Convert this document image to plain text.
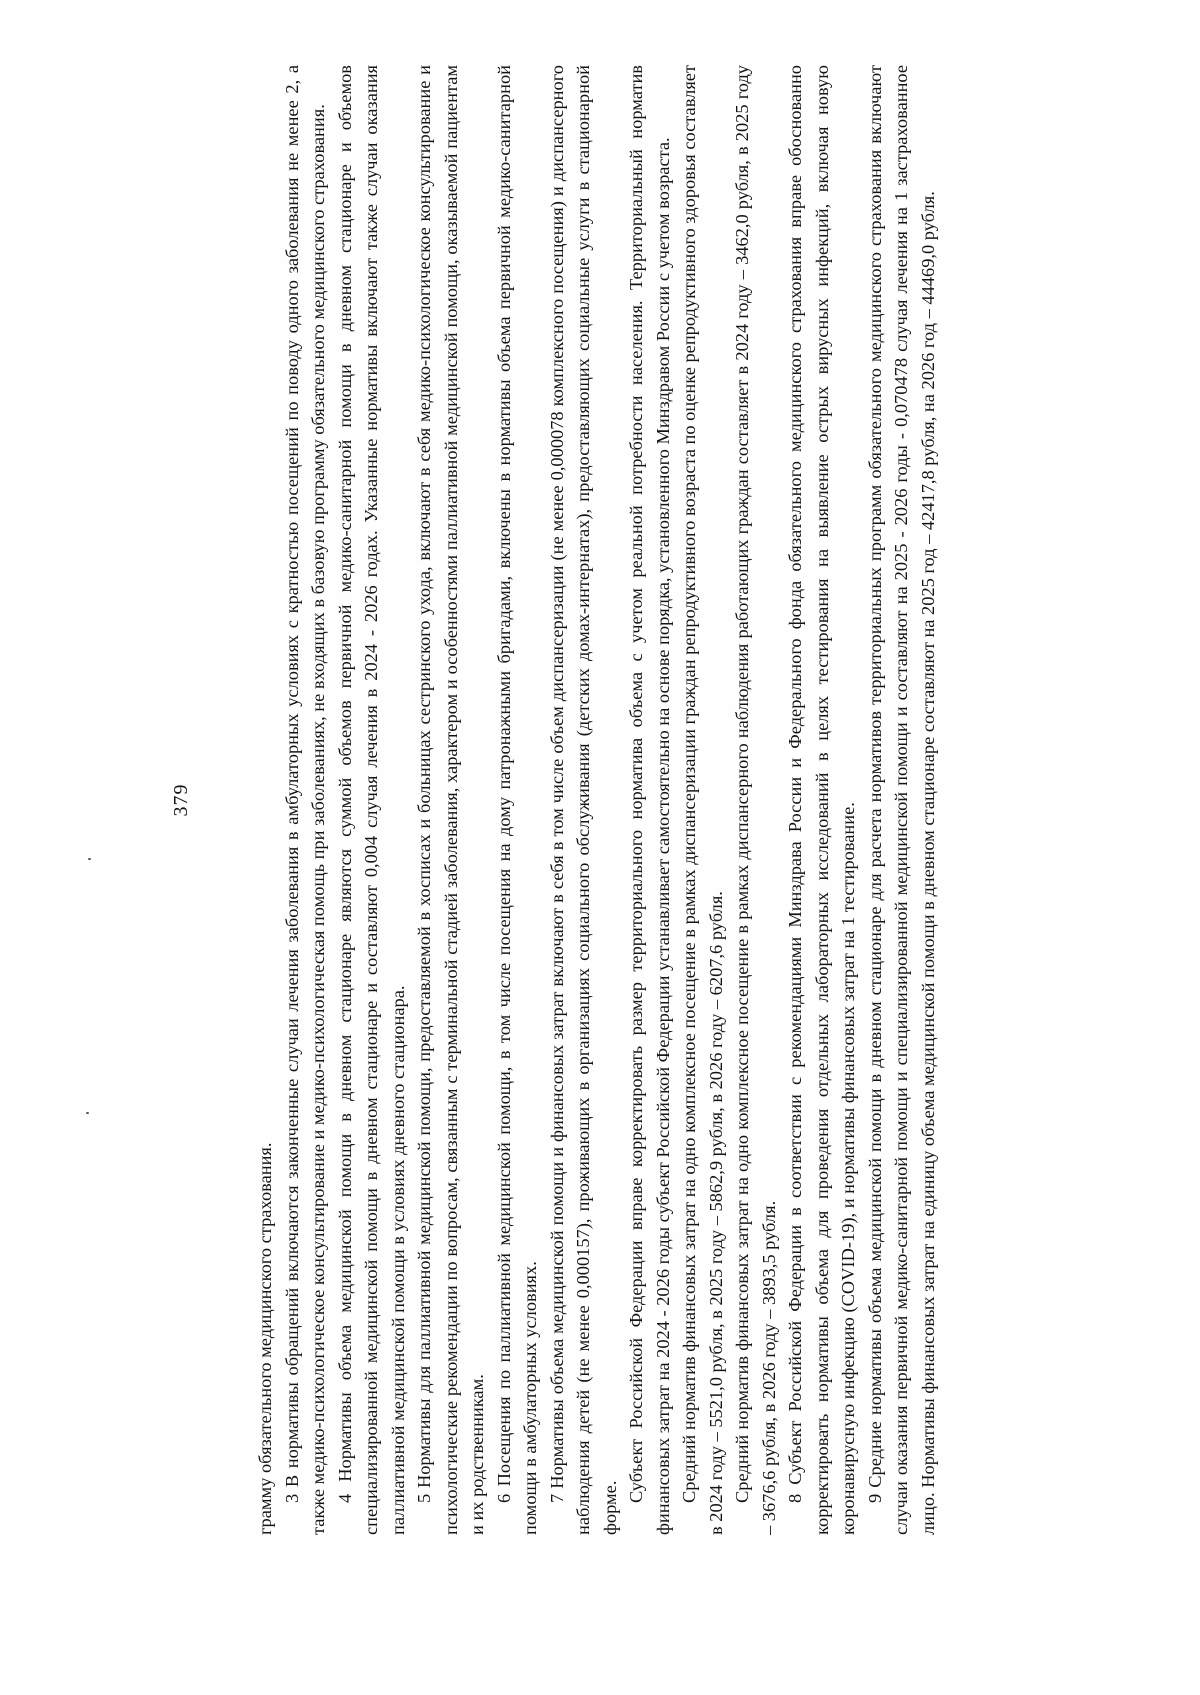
379

грамму обязательного медицинского страхования. 3 В нормативы обращений включаются законченные случаи лечения заболевания в амбулаторных условиях с кратностью посещений по поводу одного заболевания не менее 2, а также медико-психологическое консультирование и медико-психологическая помощь при заболеваниях, не входящих в базовую программу обязательного медицинского страхования. 4 Нормативы объема медицинской помощи в дневном стационаре являются суммой объемов первичной медико-санитарной помощи в дневном стационаре и объемов специализированной медицинской помощи в дневном стационаре и составляют 0,004 случая лечения в 2024 - 2026 годах. Указанные нормативы включают также случаи оказания паллиативной медицинской помощи в условиях дневного стационара. 5 Нормативы для паллиативной медицинской помощи, предоставляемой в хосписах и больницах сестринского ухода, включают в себя медико-психологическое консультирование и психологические рекомендации по вопросам, связанным с терминальной стадией заболевания, характером и особенностями паллиативной медицинской помощи, оказываемой пациентам и их родственникам. 6 Посещения по паллиативной медицинской помощи, в том числе посещения на дому патронажными бригадами, включены в нормативы объема первичной медико-санитарной помощи в амбулаторных условиях. 7 Нормативы объема медицинской помощи и финансовых затрат включают в себя в том числе объем диспансеризации (не менее 0,000078 комплексного посещения) и диспансерного наблюдения детей (не менее 0,000157), проживающих в организациях социального обслуживания (детских домах-интернатах), предоставляющих социальные услуги в стационарной форме.

Субъект Российской Федерации вправе корректировать размер территориального норматива объема с учетом реальной потребности населения. Территориальный норматив финансовых затрат на 2024 - 2026 годы субъект Российской Федерации устанавливает самостоятельно на основе порядка, установленного Минздравом России с учетом возраста. Средний норматив финансовых затрат на одно комплексное посещение в рамках диспансеризации граждан репродуктивного возраста по оценке репродуктивного здоровья составляет в 2024 году – 5521,0 рубля, в 2025 году – 5862,9 рубля, в 2026 году – 6207,6 рубля. Средний норматив финансовых затрат на одно комплексное посещение в рамках диспансерного наблюдения работающих граждан составляет в 2024 году – 3462,0 рубля, в 2025 году – 3676,6 рубля, в 2026 году – 3893,5 рубля. 8 Субъект Российской Федерации в соответствии с рекомендациями Минздрава России и Федерального фонда обязательного медицинского страхования вправе обоснованно корректировать нормативы объема для проведения отдельных лабораторных исследований в целях тестирования на выявление острых вирусных инфекций, включая новую коронавирусную инфекцию (COVID-19), и нормативы финансовых затрат на 1 тестирование. 9 Средние нормативы объема медицинской помощи в дневном стационаре для расчета нормативов территориальных программ обязательного медицинского страхования включают случаи оказания первичной медико-санитарной помощи и специализированной медицинской помощи и составляют на 2025 - 2026 годы - 0,070478 случая лечения на 1 застрахованное лицо. Нормативы финансовых затрат на единицу объема медицинской помощи в дневном стационаре составляют на 2025 год – 42417,8 рубля, на 2026 год – 44469,0 рубля.
